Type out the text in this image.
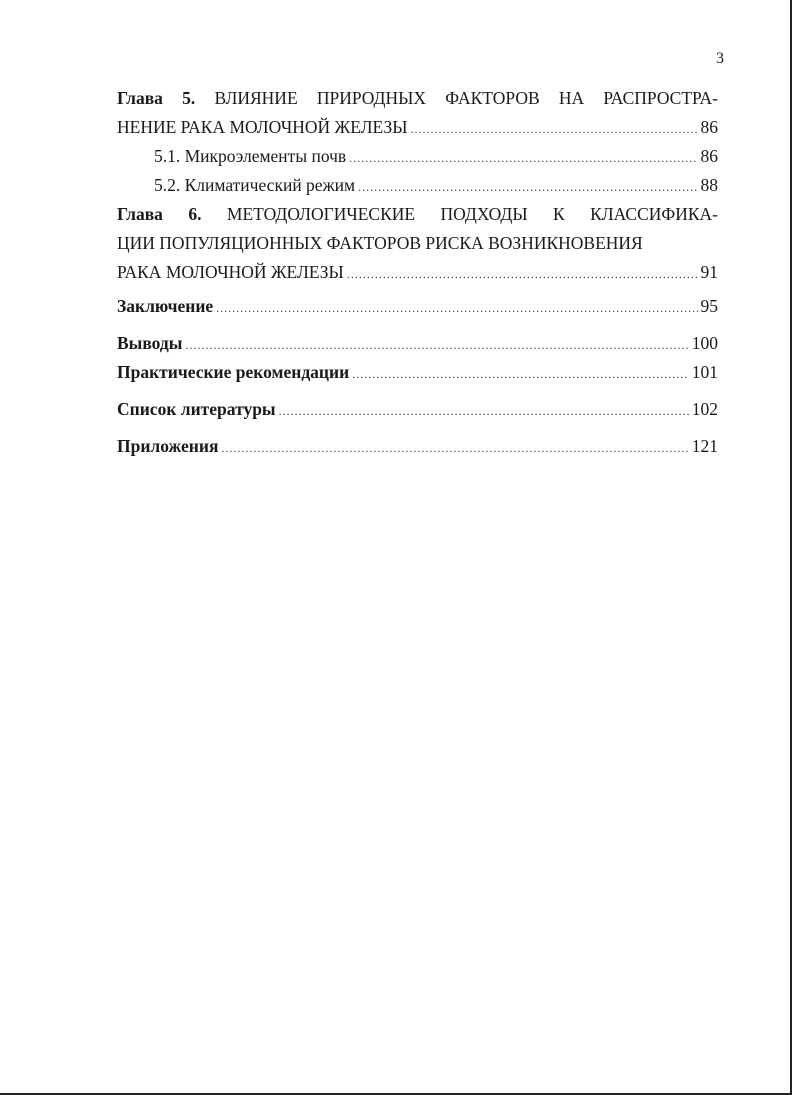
3
Глава 5. ВЛИЯНИЕ ПРИРОДНЫХ ФАКТОРОВ НА РАСПРОСТРА-
НЕНИЕ РАКА МОЛОЧНОЙ ЖЕЛЕЗЫ .....	86
5.1. Микроэлементы почв .....	86
5.2. Климатический режим .....	88
Глава 6. МЕТОДОЛОГИЧЕСКИЕ ПОДХОДЫ К КЛАССИФИКА-
ЦИИ ПОПУЛЯЦИОННЫХ ФАКТОРОВ РИСКА ВОЗНИКНОВЕНИЯ
РАКА МОЛОЧНОЙ ЖЕЛЕЗЫ .....	91
Заключение .....	95
Выводы .....	100
Практические рекомендации .....	101
Список литературы .....	102
Приложения .....	121
